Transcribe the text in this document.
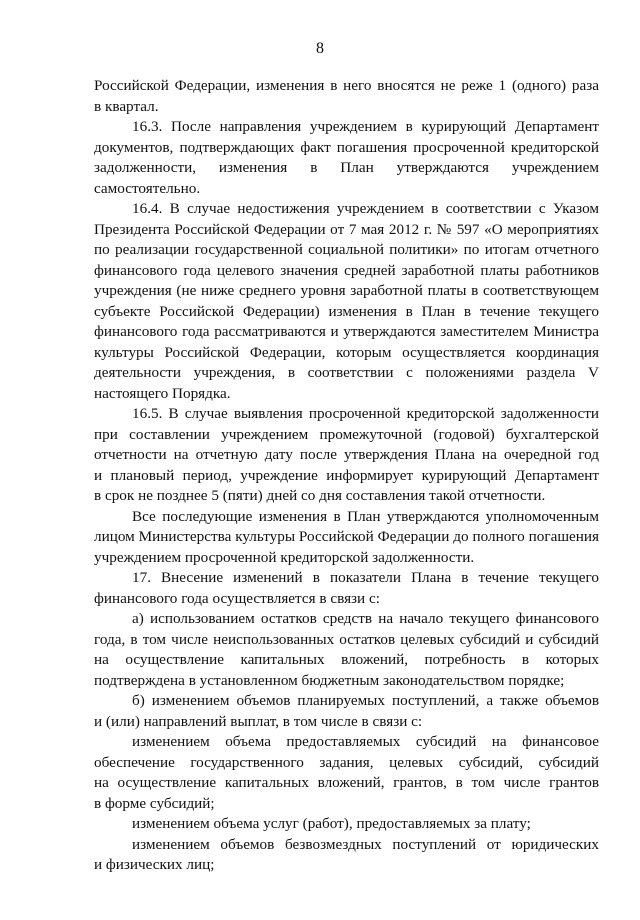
8
Российской Федерации, изменения в него вносятся не реже 1 (одного) раза
в квартал.
16.3. После направления учреждением в курирующий Департамент
документов, подтверждающих факт погашения просроченной кредиторской
задолженности, изменения в План утверждаются учреждением
самостоятельно.
16.4. В случае недостижения учреждением в соответствии с Указом
Президента Российской Федерации от 7 мая 2012 г. № 597 «О мероприятиях
по реализации государственной социальной политики» по итогам отчетного
финансового года целевого значения средней заработной платы работников
учреждения (не ниже среднего уровня заработной платы в соответствующем
субъекте Российской Федерации) изменения в План в течение текущего
финансового года рассматриваются и утверждаются заместителем Министра
культуры Российской Федерации, которым осуществляется координация
деятельности учреждения, в соответствии с положениями раздела V
настоящего Порядка.
16.5. В случае выявления просроченной кредиторской задолженности
при составлении учреждением промежуточной (годовой) бухгалтерской
отчетности на отчетную дату после утверждения Плана на очередной год
и плановый период, учреждение информирует курирующий Департамент
в срок не позднее 5 (пяти) дней со дня составления такой отчетности.
Все последующие изменения в План утверждаются уполномоченным
лицом Министерства культуры Российской Федерации до полного погашения
учреждением просроченной кредиторской задолженности.
17. Внесение изменений в показатели Плана в течение текущего
финансового года осуществляется в связи с:
а) использованием остатков средств на начало текущего финансового
года, в том числе неиспользованных остатков целевых субсидий и субсидий
на осуществление капитальных вложений, потребность в которых
подтверждена в установленном бюджетным законодательством порядке;
б) изменением объемов планируемых поступлений, а также объемов
и (или) направлений выплат, в том числе в связи с:
изменением объема предоставляемых субсидий на финансовое
обеспечение государственного задания, целевых субсидий, субсидий
на осуществление капитальных вложений, грантов, в том числе грантов
в форме субсидий;
изменением объема услуг (работ), предоставляемых за плату;
изменением объемов безвозмездных поступлений от юридических
и физических лиц;
